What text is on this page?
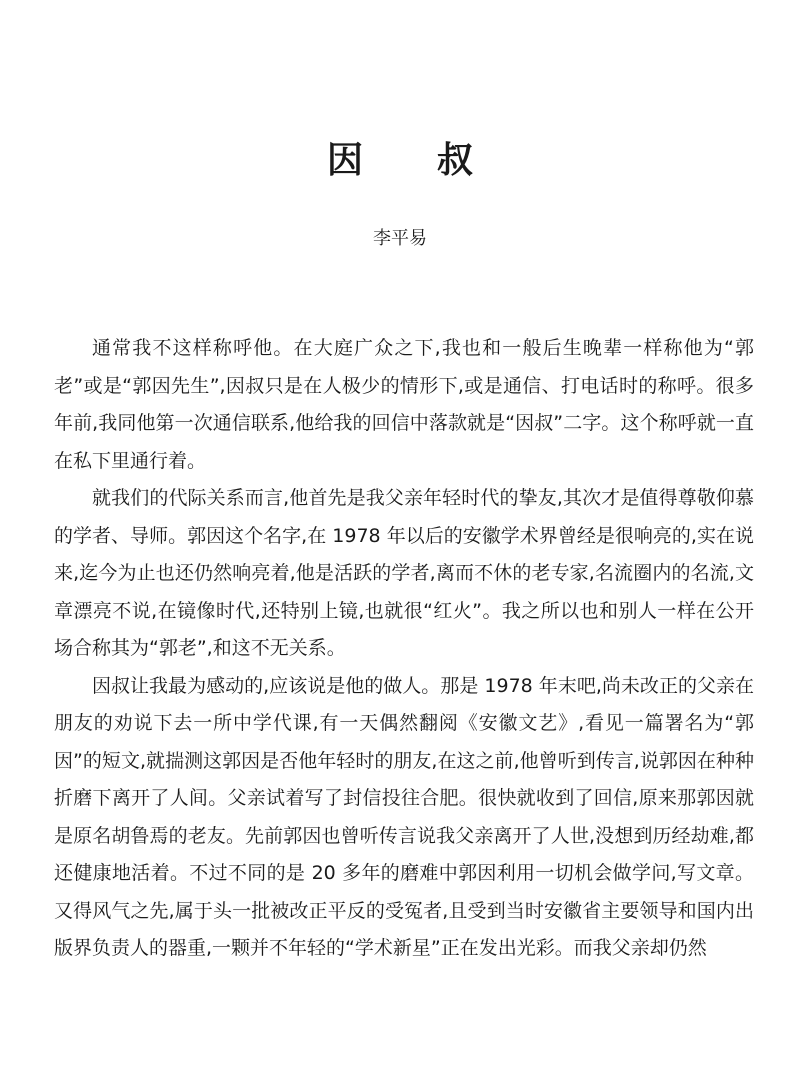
因 叔

李平易

通常我不这样称呼他。在大庭广众之下,我也和一般后生晚辈一样称他为“郭老”或是“郭因先生”,因叔只是在人极少的情形下,或是通信、打电话时的称呼。很多年前,我同他第一次通信联系,他给我的回信中落款就是“因叔”二字。这个称呼就一直在私下里通行着。

就我们的代际关系而言,他首先是我父亲年轻时代的挚友,其次才是值得尊敬仰慕的学者、导师。郭因这个名字,在 1978 年以后的安徽学术界曾经是很响亮的,实在说来,迄今为止也还仍然响亮着,他是活跃的学者,离而不休的老专家,名流圈内的名流,文章漂亮不说,在镜像时代,还特别上镜,也就很“红火”。我之所以也和别人一样在公开场合称其为“郭老”,和这不无关系。

因叔让我最为感动的,应该说是他的做人。那是 1978 年末吧,尚未改正的父亲在朋友的劝说下去一所中学代课,有一天偶然翻阅《安徽文艺》,看见一篇署名为“郭因”的短文,就揣测这郭因是否他年轻时的朋友,在这之前,他曾听到传言,说郭因在种种折磨下离开了人间。父亲试着写了封信投往合肥。很快就收到了回信,原来那郭因就是原名胡鲁焉的老友。先前郭因也曾听传言说我父亲离开了人世,没想到历经劫难,都还健康地活着。不过不同的是 20 多年的磨难中郭因利用一切机会做学问,写文章。又得风气之先,属于头一批被改正平反的受冤者,且受到当时安徽省主要领导和国内出版界负责人的器重,一颗并不年轻的“学术新星”正在发出光彩。而我父亲却仍然
